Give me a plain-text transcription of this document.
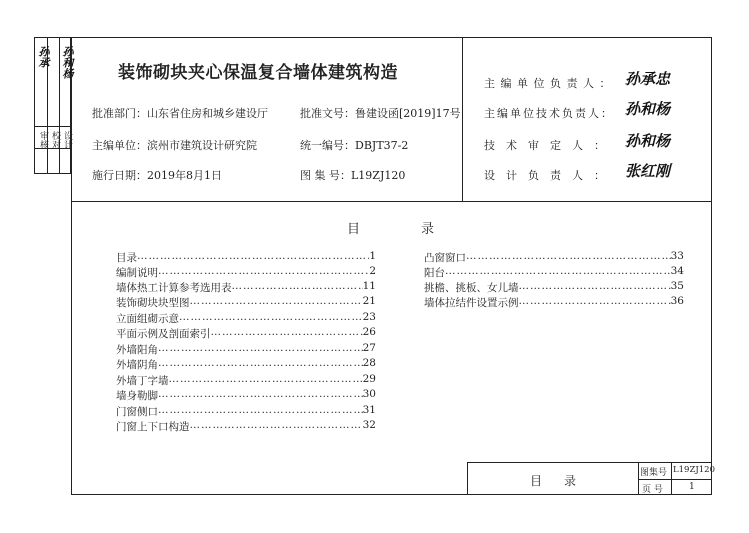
孙承 孙和杨
审核 校对 设计
装饰砌块夹心保温复合墙体建筑构造
批准部门：山东省住房和城乡建设厅	批准文号：鲁建设函[2019]17号
主编单位：滨州市建筑设计研究院	统一编号：DBJT37-2
施行日期：2019年8月1日	图 集 号：L19ZJ120
主编单位负责人： 孙承忠
主编单位技术负责人： 孙和杨
技术审定人： 孙和杨
设计负责人： 张红刚
目	录
目录 ………………………………………………………………………………………………	1
编制说明 ………………………………………………………………………………………………	2
墙体热工计算参考选用表 ………………………………………………………………………………………………	11
装饰砌块块型图 ………………………………………………………………………………………………	21
立面组砌示意 ………………………………………………………………………………………………	23
平面示例及剖面索引 ………………………………………………………………………………………………	26
外墙阳角 ………………………………………………………………………………………………	27
外墙阴角 ………………………………………………………………………………………………	28
外墙丁字墙 ………………………………………………………………………………………………	29
墙身勒脚 ………………………………………………………………………………………………	30
门窗侧口 ………………………………………………………………………………………………	31
门窗上下口构造 ………………………………………………………………………………………………	32
凸窗窗口 ………………………………………………………………………………………………	33
阳台 ………………………………………………………………………………………………	34
挑檐、挑板、女儿墙 ………………………………………………………………………………………………	35
墙体拉结件设置示例 ………………………………………………………………………………………………	36
目 录
图集号 L19ZJ120
页 号	1
